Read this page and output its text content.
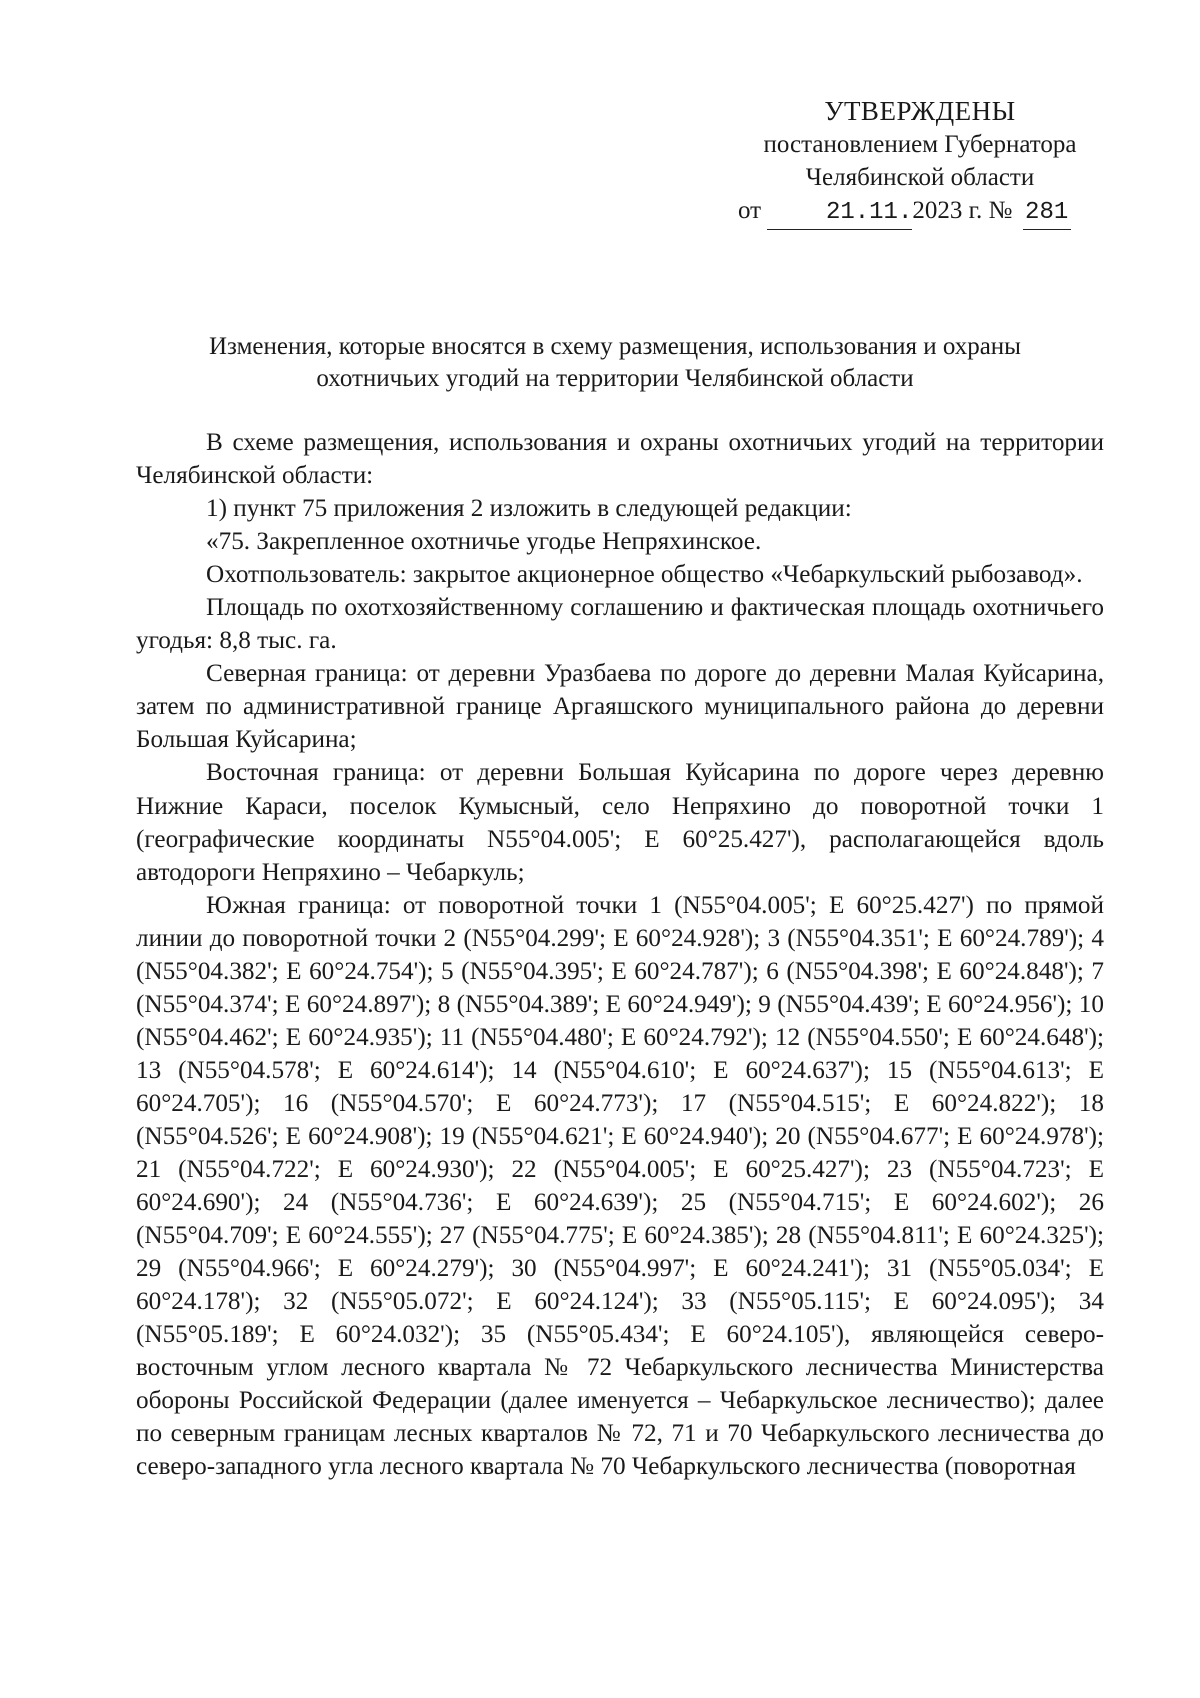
УТВЕРЖДЕНЫ
постановлением Губернатора
Челябинской области
от	21.11.2023 г. № 281
Изменения, которые вносятся в схему размещения, использования и охраны
охотничьих угодий на территории Челябинской области

В схеме размещения, использования и охраны охотничьих угодий на территории Челябинской области:

1) пункт 75 приложения 2 изложить в следующей редакции:

«75. Закрепленное охотничье угодье Непряхинское.

Охотпользователь: закрытое акционерное общество «Чебаркульский рыбозавод».

Площадь по охотхозяйственному соглашению и фактическая площадь охотничьего угодья: 8,8 тыс. га.

Северная граница: от деревни Уразбаева по дороге до деревни Малая Куйсарина, затем по административной границе Аргаяшского муниципального района до деревни Большая Куйсарина;

Восточная граница: от деревни Большая Куйсарина по дороге через деревню Нижние Караси, поселок Кумысный, село Непряхино до поворотной точки 1 (географические координаты N55°04.005'; E 60°25.427'), располагающейся вдоль автодороги Непряхино – Чебаркуль;

Южная граница: от поворотной точки 1 (N55°04.005'; E 60°25.427') по прямой линии до поворотной точки 2 (N55°04.299'; E 60°24.928'); 3 (N55°04.351'; E 60°24.789'); 4 (N55°04.382'; E 60°24.754'); 5 (N55°04.395'; E 60°24.787'); 6 (N55°04.398'; E 60°24.848'); 7 (N55°04.374'; E 60°24.897'); 8 (N55°04.389'; E 60°24.949'); 9 (N55°04.439'; E 60°24.956'); 10 (N55°04.462'; E 60°24.935'); 11 (N55°04.480'; E 60°24.792'); 12 (N55°04.550'; E 60°24.648'); 13 (N55°04.578'; E 60°24.614'); 14 (N55°04.610'; E 60°24.637'); 15 (N55°04.613'; E 60°24.705'); 16 (N55°04.570'; E 60°24.773'); 17 (N55°04.515'; E 60°24.822'); 18 (N55°04.526'; E 60°24.908'); 19 (N55°04.621'; E 60°24.940'); 20 (N55°04.677'; E 60°24.978'); 21 (N55°04.722'; E 60°24.930'); 22 (N55°04.005'; E 60°25.427'); 23 (N55°04.723'; E 60°24.690'); 24 (N55°04.736'; E 60°24.639'); 25 (N55°04.715'; E 60°24.602'); 26 (N55°04.709'; E 60°24.555'); 27 (N55°04.775'; E 60°24.385'); 28 (N55°04.811'; E 60°24.325'); 29 (N55°04.966'; E 60°24.279'); 30 (N55°04.997'; E 60°24.241'); 31 (N55°05.034'; E 60°24.178'); 32 (N55°05.072'; E 60°24.124'); 33 (N55°05.115'; E 60°24.095'); 34 (N55°05.189'; E 60°24.032'); 35 (N55°05.434'; E 60°24.105'), являющейся северо-восточным углом лесного квартала № 72 Чебаркульского лесничества Министерства обороны Российской Федерации (далее именуется – Чебаркульское лесничество); далее по северным границам лесных кварталов № 72, 71 и 70 Чебаркульского лесничества до северо-западного угла лесного квартала № 70 Чебаркульского лесничества (поворотная
